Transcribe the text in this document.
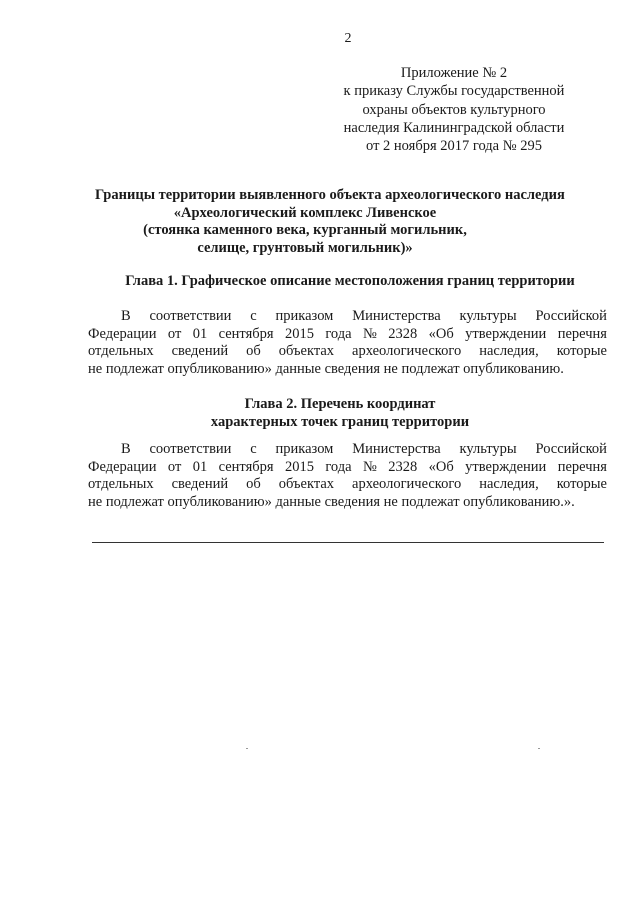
2
Приложение № 2
к приказу Службы государственной
охраны объектов культурного
наследия Калининградской области
от 2 ноября 2017 года № 295
Границы территории выявленного объекта археологического наследия
«Археологический комплекс Ливенское
(стоянка каменного века, курганный могильник,
селище, грунтовый могильник)»
Глава 1. Графическое описание местоположения границ территории
В соответствии с приказом Министерства культуры Российской
Федерации от 01 сентября 2015 года № 2328 «Об утверждении перечня
отдельных сведений об объектах археологического наследия, которые
не подлежат опубликованию» данные сведения не подлежат опубликованию.
Глава 2. Перечень координат
характерных точек границ территории
В соответствии с приказом Министерства культуры Российской
Федерации от 01 сентября 2015 года № 2328 «Об утверждении перечня
отдельных сведений об объектах археологического наследия, которые
не подлежат опубликованию» данные сведения не подлежат опубликованию.».
